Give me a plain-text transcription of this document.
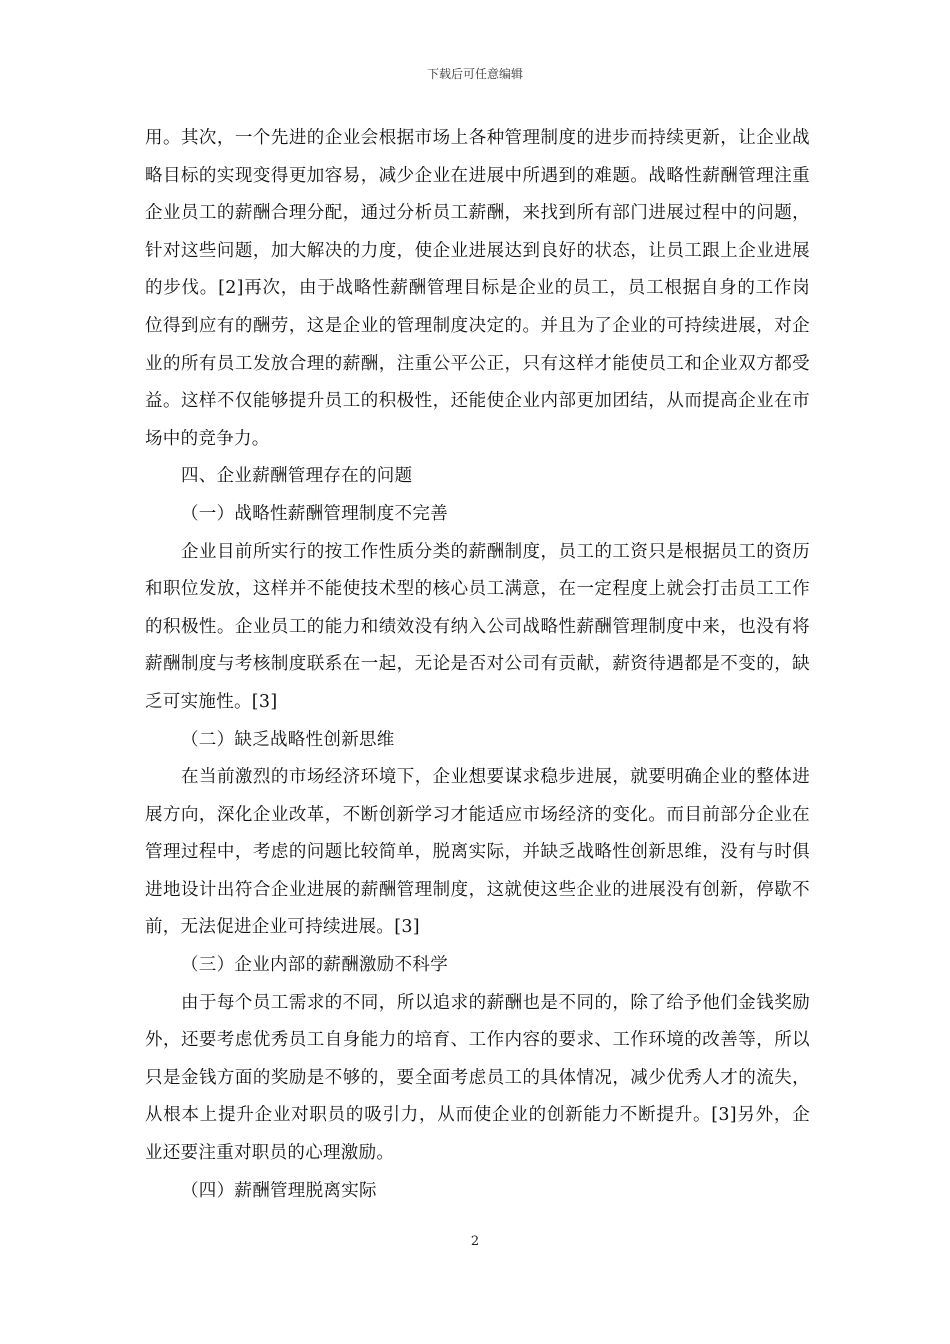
下载后可任意编辑

用。其次，一个先进的企业会根据市场上各种管理制度的进步而持续更新，让企业战略目标的实现变得更加容易，减少企业在进展中所遇到的难题。战略性薪酬管理注重企业员工的薪酬合理分配，通过分析员工薪酬，来找到所有部门进展过程中的问题，针对这些问题，加大解决的力度，使企业进展达到良好的状态，让员工跟上企业进展的步伐。[2]再次，由于战略性薪酬管理目标是企业的员工，员工根据自身的工作岗位得到应有的酬劳，这是企业的管理制度决定的。并且为了企业的可持续进展，对企业的所有员工发放合理的薪酬，注重公平公正，只有这样才能使员工和企业双方都受益。这样不仅能够提升员工的积极性，还能使企业内部更加团结，从而提高企业在市场中的竞争力。

四、企业薪酬管理存在的问题

（一）战略性薪酬管理制度不完善

企业目前所实行的按工作性质分类的薪酬制度，员工的工资只是根据员工的资历和职位发放，这样并不能使技术型的核心员工满意，在一定程度上就会打击员工工作的积极性。企业员工的能力和绩效没有纳入公司战略性薪酬管理制度中来，也没有将薪酬制度与考核制度联系在一起，无论是否对公司有贡献，薪资待遇都是不变的，缺乏可实施性。[3]

（二）缺乏战略性创新思维

在当前激烈的市场经济环境下，企业想要谋求稳步进展，就要明确企业的整体进展方向，深化企业改革，不断创新学习才能适应市场经济的变化。而目前部分企业在管理过程中，考虑的问题比较简单，脱离实际，并缺乏战略性创新思维，没有与时俱进地设计出符合企业进展的薪酬管理制度，这就使这些企业的进展没有创新，停歇不前，无法促进企业可持续进展。[3]

（三）企业内部的薪酬激励不科学

由于每个员工需求的不同，所以追求的薪酬也是不同的，除了给予他们金钱奖励外，还要考虑优秀员工自身能力的培育、工作内容的要求、工作环境的改善等，所以只是金钱方面的奖励是不够的，要全面考虑员工的具体情况，减少优秀人才的流失，从根本上提升企业对职员的吸引力，从而使企业的创新能力不断提升。[3]另外，企业还要注重对职员的心理激励。

（四）薪酬管理脱离实际

2
